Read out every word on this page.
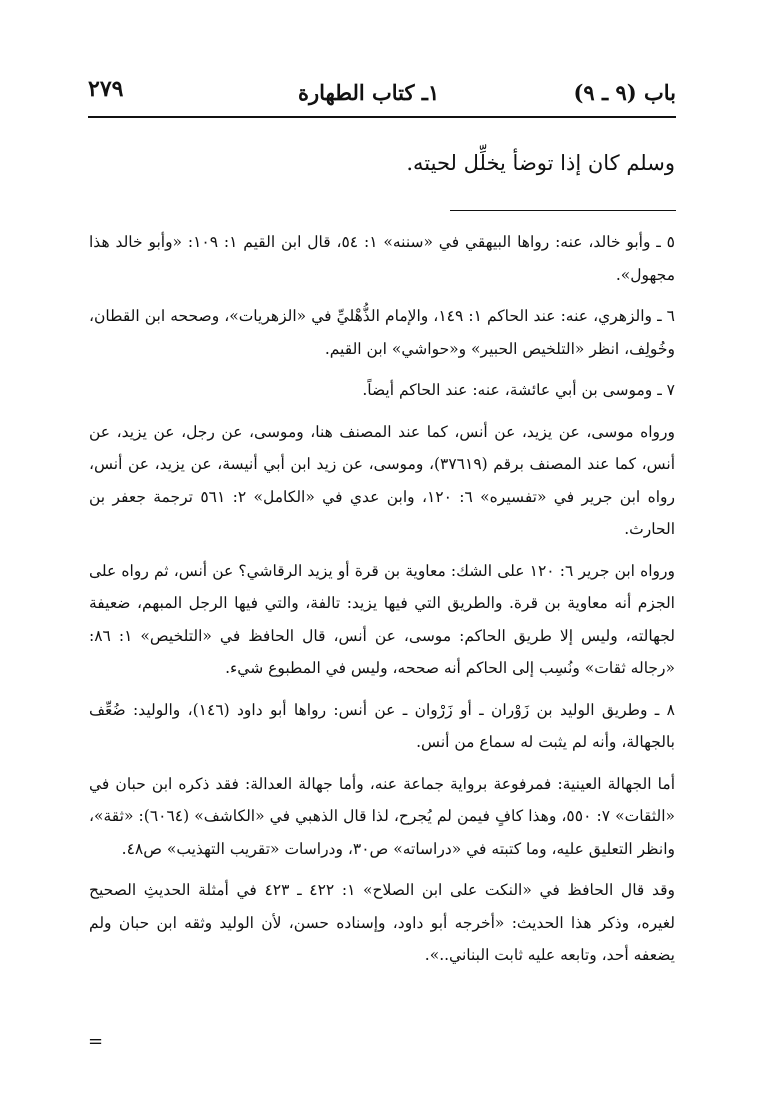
باب (٩ ـ ٩)
١ـ كتاب الطهارة
٢٧٩

وسلم كان إذا توضأ يخلِّل لحيته.

٥ ـ وأبو خالد، عنه: رواها البيهقي في «سننه» ١: ٥٤، قال ابن القيم ١: ١٠٩: «وأبو خالد هذا مجهول».

٦ ـ والزهري، عنه: عند الحاكم ١: ١٤٩، والإمام الذُّهْليِّ في «الزهريات»، وصححه ابن القطان، وخُولِف، انظر «التلخيص الحبير» و«حواشي» ابن القيم.

٧ ـ وموسى بن أبي عائشة، عنه: عند الحاكم أيضاً.

ورواه موسى، عن يزيد، عن أنس، كما عند المصنف هنا، وموسى، عن رجل، عن يزيد، عن أنس، كما عند المصنف برقم (٣٧٦١٩)، وموسى، عن زيد ابن أبي أنيسة، عن يزيد، عن أنس، رواه ابن جرير في «تفسيره» ٦: ١٢٠، وابن عدي في «الكامل» ٢: ٥٦١ ترجمة جعفر بن الحارث.

ورواه ابن جرير ٦: ١٢٠ على الشك: معاوية بن قرة أو يزيد الرقاشي؟ عن أنس، ثم رواه على الجزم أنه معاوية بن قرة. والطريق التي فيها يزيد: تالفة، والتي فيها الرجل المبهم، ضعيفة لجهالته، وليس إلا طريق الحاكم: موسى، عن أنس، قال الحافظ في «التلخيص» ١: ٨٦: «رجاله ثقات» ونُسِب إلى الحاكم أنه صححه، وليس في المطبوع شيء.

٨ ـ وطريق الوليد بن زَوْران ـ أو زَرْوان ـ عن أنس: رواها أبو داود (١٤٦)، والوليد: ضُعِّف بالجهالة، وأنه لم يثبت له سماع من أنس.

أما الجهالة العينية: فمرفوعة برواية جماعة عنه، وأما جهالة العدالة: فقد ذكره ابن حبان في «الثقات» ٧: ٥٥٠، وهذا كافٍ فيمن لم يُجرح، لذا قال الذهبي في «الكاشف» (٦٠٦٤): «ثقة»، وانظر التعليق عليه، وما كتبته في «دراساته» ص٣٠، ودراسات «تقريب التهذيب» ص٤٨.

وقد قال الحافظ في «النكت على ابن الصلاح» ١: ٤٢٢ ـ ٤٢٣ في أمثلة الحديثِ الصحيح لغيره، وذكر هذا الحديث: «أخرجه أبو داود، وإسناده حسن، لأن الوليد وثقه ابن حبان ولم يضعفه أحد، وتابعه عليه ثابت البناني..».

=
